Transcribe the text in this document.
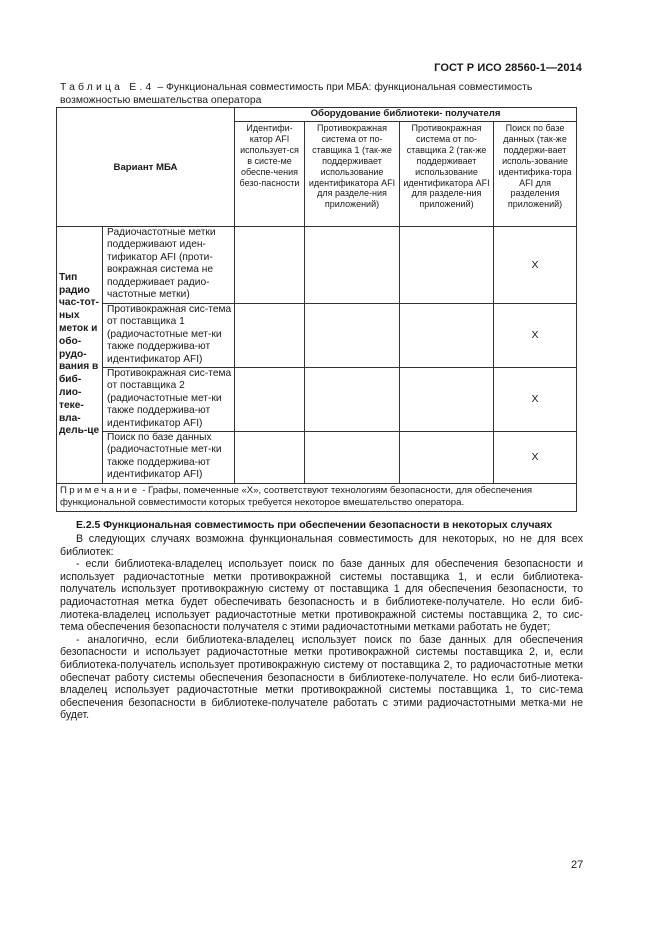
ГОСТ Р ИСО 28560-1—2014
Таблица Е.4 – Функциональная совместимость при МБА: функциональная совместимость возможностью вмешательства оператора
Вариант МБА		Оборудование библиотеки- получателя			
		Идентифи-катор AFI использует-ся в систе-ме обеспе-чения безо-пасности	Противокражная система от по-ставщика 1 (так-же поддерживает использование идентификатора AFI для разделе-ния приложений)	Противокражная система от по-ставщика 2 (так-же поддерживает использование идентификатора AFI для разделе-ния приложений)	Поиск по базе данных (так-же поддержи-вает исполь-зование идентифика-тора AFI для разделения приложений)
Тип радио час-тот-ных меток и обо-рудо-вания в биб-лио-теке-вла-дель-це	Радиочастотные метки поддерживают иден-тификатор AFI (проти-вокражная система не поддерживает радио-частотные метки)				X
	Противокражная сис-тема от поставщика 1 (радиочастотные мет-ки также поддержива-ют идентификатор AFI)				X
	Противокражная сис-тема от поставщика 2 (радиочастотные мет-ки также поддержива-ют идентификатор AFI)				X
	Поиск по базе данных (радиочастотные мет-ки также поддержива-ют идентификатор AFI)				X
Примечание - Графы, помеченные «X», соответствуют технологиям безопасности, для обеспечения функциональной совместимости которых требуется некоторое вмешательство оператора.					
Е.2.5 Функциональная совместимость при обеспечении безопасности в некоторых случаях

В следующих случаях возможна функциональная совместимость для некоторых, но не для всех библиотек:

- если библиотека-владелец использует поиск по базе данных для обеспечения безопасности и использует радиочастотные метки противокражной системы поставщика 1, и если библиотека-получатель использует противокражную систему от поставщика 1 для обеспечения безопасности, то радиочастотная метка будет обеспечивать безопасность и в библиотеке-получателе. Но если биб-лиотека-владелец использует радиочастотные метки противокражной системы поставщика 2, то сис-тема обеспечения безопасности получателя с этими радиочастотными метками работать не будет;

- аналогично, если библиотека-владелец использует поиск по базе данных для обеспечения безопасности и использует радиочастотные метки противокражной системы поставщика 2, и, если библиотека-получатель использует противокражную систему от поставщика 2, то радиочастотные метки обеспечат работу системы обеспечения безопасности в библиотеке-получателе. Но если биб-лиотека-владелец использует радиочастотные метки противокражной системы поставщика 1, то сис-тема обеспечения безопасности в библиотеке-получателе работать с этими радиочастотными метка-ми не будет.

27
